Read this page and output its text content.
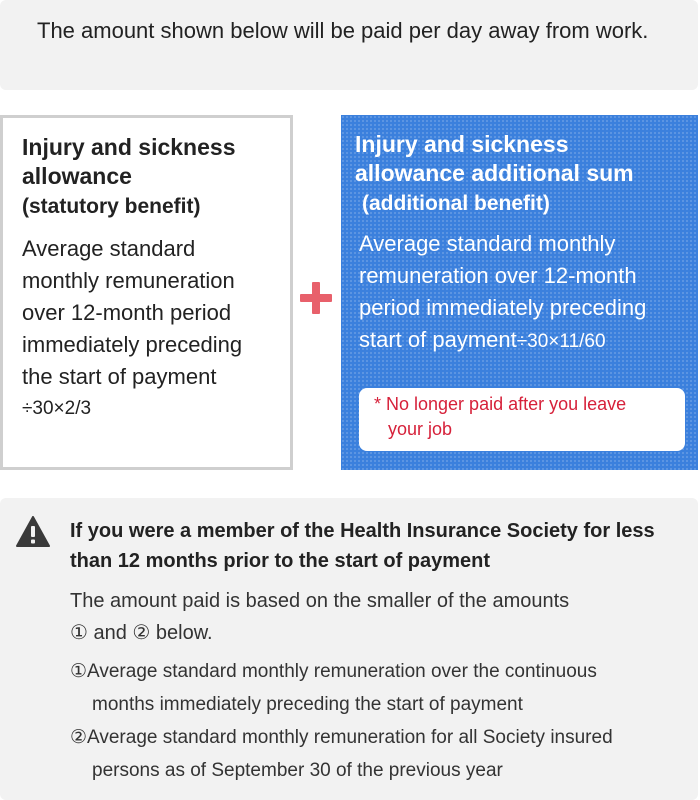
The amount shown below will be paid per day away from work.
Injury and sickness
allowance
(statutory benefit)
Average standard
monthly remuneration
over 12-month period
immediately preceding
the start of payment
÷30×2/3
Injury and sickness
allowance additional sum
(additional benefit)
Average standard monthly
remuneration over 12-month
period immediately preceding
start of payment÷30×11/60
* No longer paid after you leave
your job
If you were a member of the Health Insurance Society for less than 12 months prior to the start of payment
The amount paid is based on the smaller of the amounts
① and ② below.
①Average standard monthly remuneration over the continuous
months immediately preceding the start of payment
②Average standard monthly remuneration for all Society insured
persons as of September 30 of the previous year
